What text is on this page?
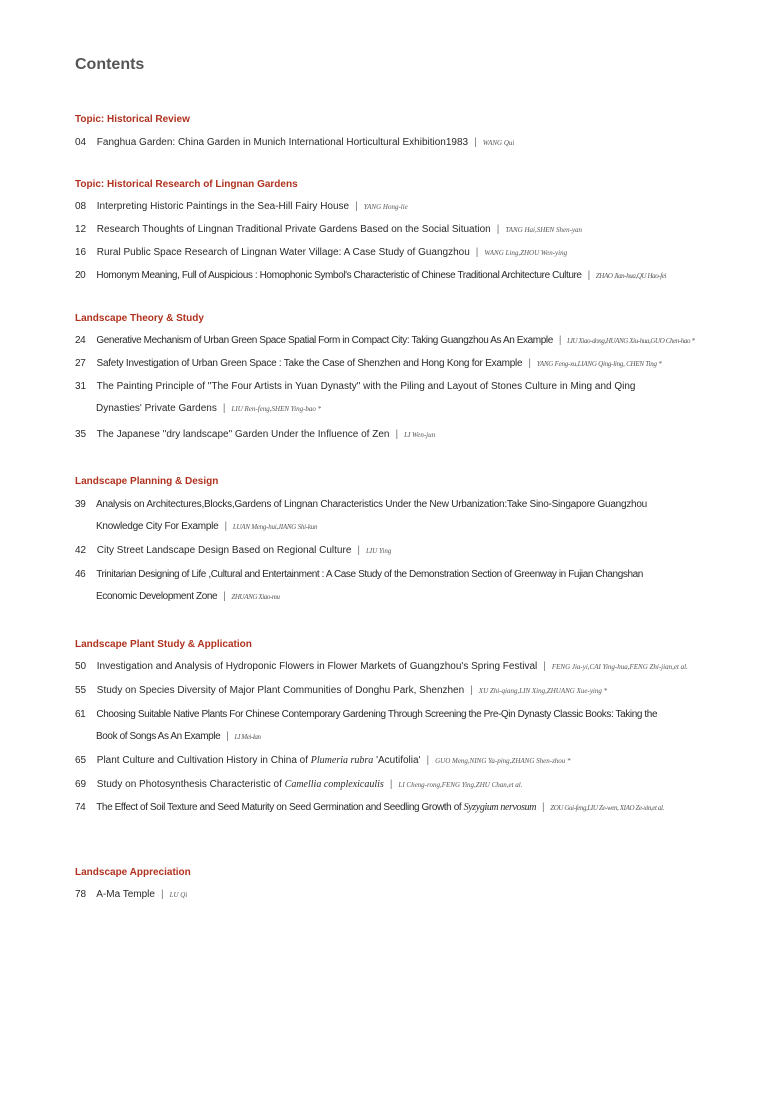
Contents
Topic: Historical Review
04 Fanghua Garden: China Garden in Munich International Horticultural Exhibition1983 | WANG Qui
Topic: Historical Research of Lingnan Gardens
08 Interpreting Historic Paintings in the Sea-Hill Fairy House | YANG Hong-lie
12 Research Thoughts of Lingnan Traditional Private Gardens Based on the Social Situation | TANG Hai,SHEN Shen-yan
16 Rural Public Space Research of Lingnan Water Village: A Case Study of Guangzhou | WANG Ling,ZHOU Wen-ying
20 Homonym Meaning, Full of Auspicious : Homophonic Symbol's Characteristic of Chinese Traditional Architecture Culture | ZHAO Jian-hua,QU Hao-fei
Landscape Theory & Study
24 Generative Mechanism of Urban Green Space Spatial Form in Compact City: Taking Guangzhou As An Example | LIU Xiao-dong,HUANG Xiu-hua,GUO Chen-hao *
27 Safety Investigation of Urban Green Space : Take the Case of Shenzhen and Hong Kong for Example | YANG Feng-xu,LIANG Qing-ling, CHEN Ting *
31 The Painting Principle of "The Four Artists in Yuan Dynasty" with the Piling and Layout of Stones Culture in Ming and Qing
Dynasties' Private Gardens | LIU Ren-feng,SHEN Ying-bao *
35 The Japanese "dry landscape" Garden Under the Influence of Zen | LI Wen-jun
Landscape Planning & Design
39 Analysis on Architectures,Blocks,Gardens of Lingnan Characteristics Under the New Urbanization:Take Sino-Singapore Guangzhou
Knowledge City For Example | LUAN Meng-hui,JIANG Shi-kun
42 City Street Landscape Design Based on Regional Culture | LIU Ying
46 Trinitarian Designing of Life ,Cultural and Entertainment : A Case Study of the Demonstration Section of Greenway in Fujian Changshan
Economic Development Zone | ZHUANG Xiao-mu
Landscape Plant Study & Application
50 Investigation and Analysis of Hydroponic Flowers in Flower Markets of Guangzhou's Spring Festival | FENG Jia-yi,CAI Ying-hua,FENG Zhi-jian,et al.
55 Study on Species Diversity of Major Plant Communities of Donghu Park, Shenzhen | XU Zhi-qiang,LIN Xing,ZHUANG Xue-ying *
61 Choosing Suitable Native Plants For Chinese Contemporary Gardening Through Screening the Pre-Qin Dynasty Classic Books: Taking the
Book of Songs As An Example | LI Mei-lan
65 Plant Culture and Cultivation History in China of Plumeria rubra 'Acutifolia' | GUO Meng,NING Ya-ping,ZHANG Shen-zhou *
69 Study on Photosynthesis Characteristic of Camellia complexicaulis | LI Cheng-rong,FENG Ying,ZHU Chan,et al.
74 The Effect of Soil Texture and Seed Maturity on Seed Germination and Seedling Growth of Syzygium nervosum | ZOU Gui-feng,LIU Ze-wen, XIAO Ze-xin,et al.
Landscape Appreciation
78 A-Ma Temple | LU Qi
